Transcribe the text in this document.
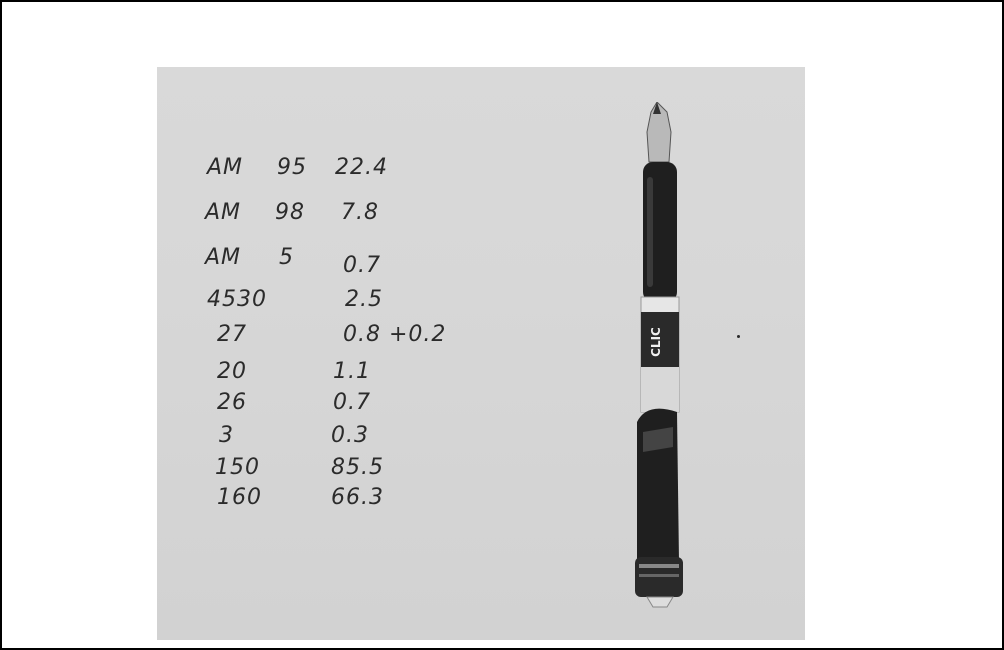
AM 95 22.4
AM 98 7.8
AM 5 0.7
4530	2.5
27	0.8 +0.2
20	1.1
26	0.7
3	0.3
150	85.5
160	66.3
CLIC
